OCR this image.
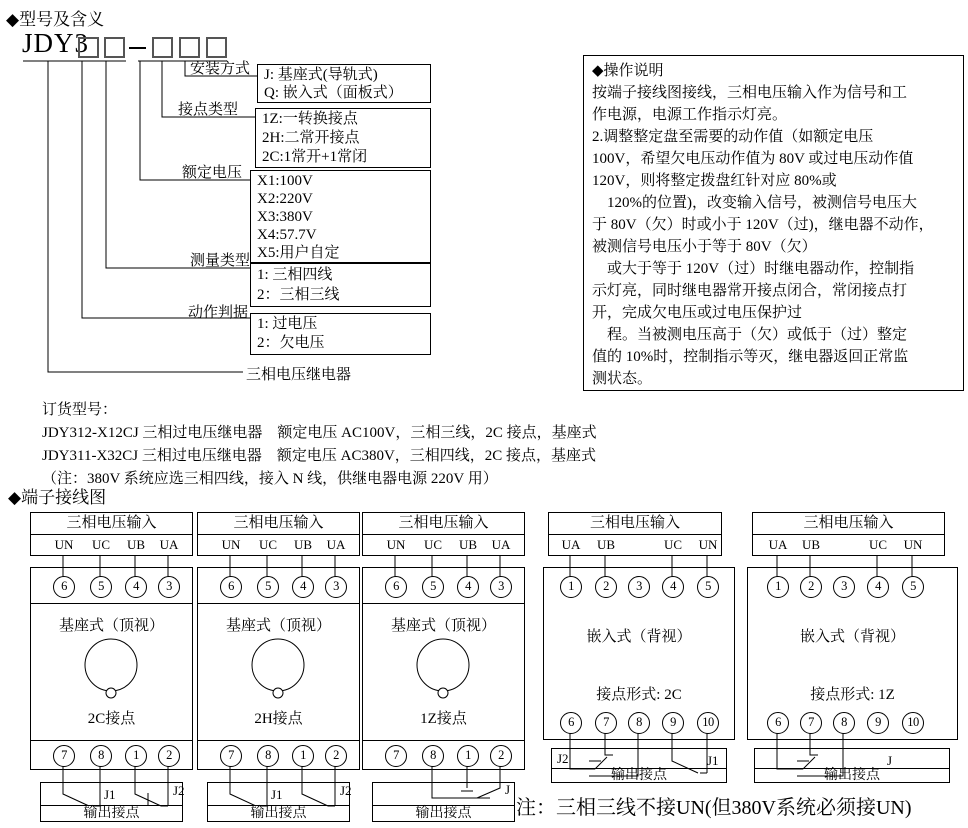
◆型号及含义
JDY3
安装方式
接点类型
额定电压
测量类型
动作判据
三相电压继电器
J: 基座式(导轨式)
Q: 嵌入式（面板式）
1Z:一转换接点
2H:二常开接点
2C:1常开+1常闭
X1:100V
X2:220V
X3:380V
X4:57.7V
X5:用户自定
1: 三相四线
2：三相三线
1: 过电压
2：欠电压
◆操作说明
按端子接线图接线，三相电压输入作为信号和工
作电源，电源工作指示灯亮。
2.调整整定盘至需要的动作值（如额定电压
100V，希望欠电压动作值为 80V 或过电压动作值
120V，则将整定拨盘红针对应 80%或
　120%的位置)，改变输入信号，被测信号电压大
于 80V（欠）时或小于 120V（过)，继电器不动作，
被测信号电压小于等于 80V（欠）
　或大于等于 120V（过）时继电器动作，控制指
示灯亮，同时继电器常开接点闭合，常闭接点打
开，完成欠电压或过电压保护过
　程。当被测电压高于（欠）或低于（过）整定
值的 10%时，控制指示等灭，继电器返回正常监
测状态。
订货型号：
JDY312-X12CJ 三相过电压继电器　额定电压 AC100V，三相三线，2C 接点，基座式
JDY311-X32CJ 三相过电压继电器　额定电压 AC380V，三相四线，2C 接点，基座式
（注：380V 系统应选三相四线，接入 N 线，供继电器电源 220V 用）
◆端子接线图
三相电压输入
UN UC UB UA
6	5	4	3
基座式（顶视）
2C接点
7	8	1	2
输出接点
J1	J2
三相电压输入
UN UC UB UA
6	5	4	3
基座式（顶视）
2H接点
7	8	1	2
输出接点
J1	J2
三相电压输入
UN UC UB UA
6	5	4	3
基座式（顶视）
1Z接点
7	8	1	2
输出接点
J
三相电压输入
UA UB	UC UN
1	2	3	4	5
嵌入式（背视）
接点形式: 2C
6	7	8	9	10
输出接点
J2	J1
三相电压输入
UA UB	UC UN
1	2	3	4	5
嵌入式（背视）
接点形式: 1Z
6	7	8	9	10
输出接点
J
注：三相三线不接UN(但380V系统必须接UN)
